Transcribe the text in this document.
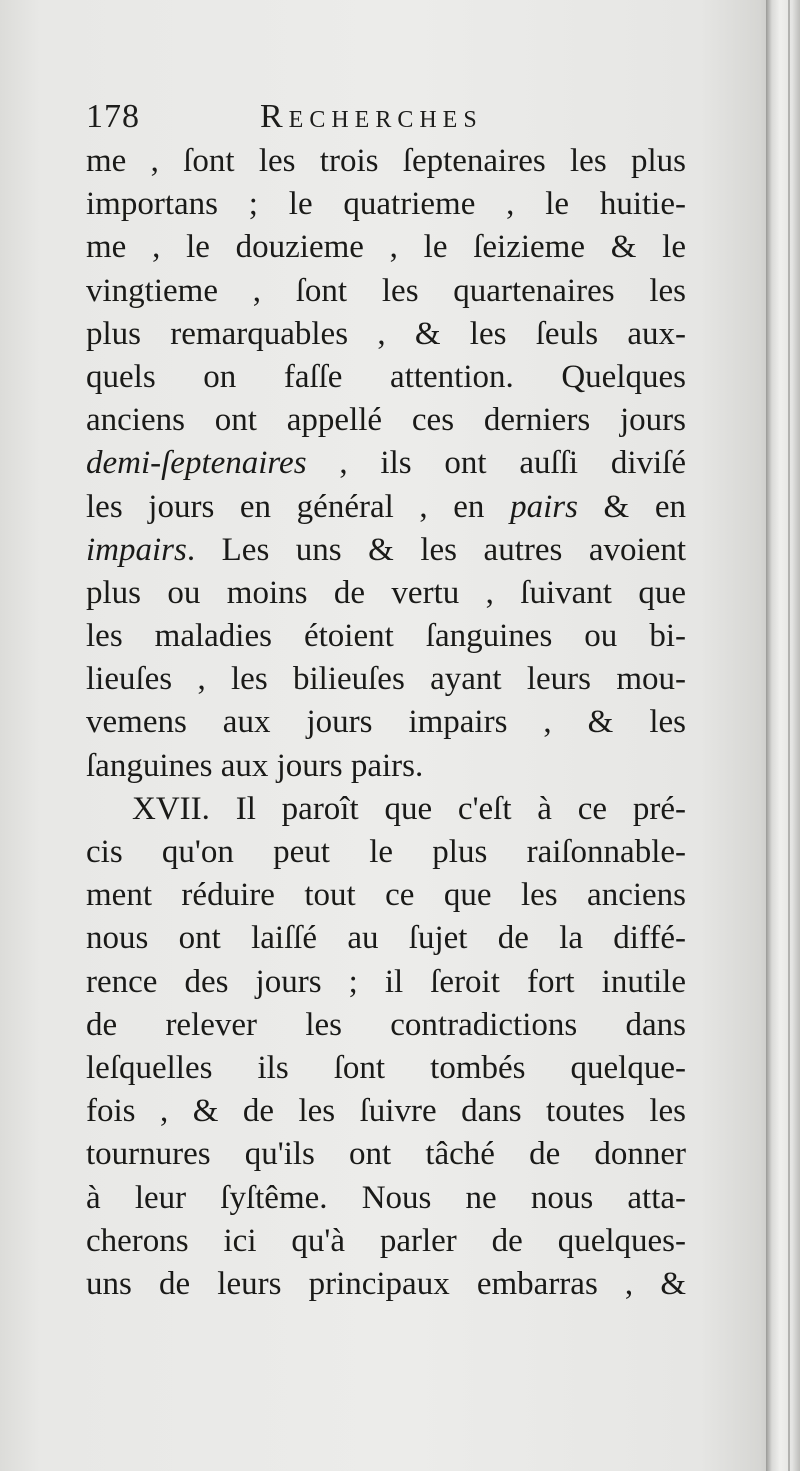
178	Recherches
me , ſont les trois ſeptenaires les plus
importans ; le quatrieme , le huitie-
me , le douzieme , le ſeizieme & le
vingtieme , ſont les quartenaires les
plus remarquables , & les ſeuls aux-
quels on faſſe attention. Quelques
anciens ont appellé ces derniers jours
demi-ſeptenaires , ils ont auſſi diviſé
les jours en général , en pairs & en
impairs. Les uns & les autres avoient
plus ou moins de vertu , ſuivant que
les maladies étoient ſanguines ou bi-
lieuſes , les bilieuſes ayant leurs mou-
vemens aux jours impairs , & les
ſanguines aux jours pairs.
XVII. Il paroît que c'eſt à ce pré-
cis qu'on peut le plus raiſonnable-
ment réduire tout ce que les anciens
nous ont laiſſé au ſujet de la diffé-
rence des jours ; il ſeroit fort inutile
de relever les contradictions dans
leſquelles ils ſont tombés quelque-
fois , & de les ſuivre dans toutes les
tournures qu'ils ont tâché de donner
à leur ſyſtême. Nous ne nous atta-
cherons ici qu'à parler de quelques-
uns de leurs principaux embarras , &
